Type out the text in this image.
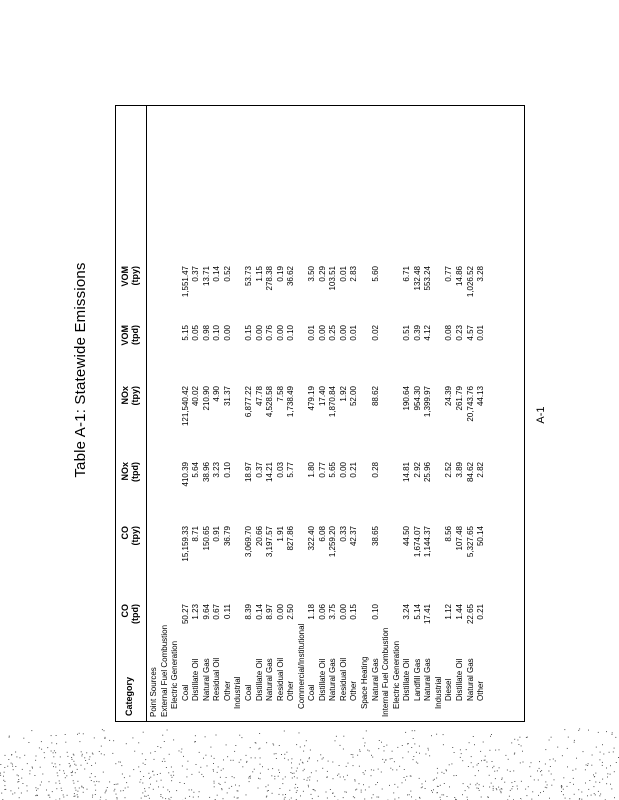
Table A-1: Statewide Emissions
Category
CO (tpd)
CO (tpy)
NOx (tpd)
NOx (tpy)
VOM (tpd)
VOM (tpy)
Point Sources External Fuel Combustion Electric Generation Coal
50.27
15,159.33
410.39
121,540.42
5.15
1,551.47
Distillate Oil
1.23
8.71
5.64
40.02
0.05
0.37
Natural Gas
9.64
150.65
38.96
210.90
0.98
13.71
Residual Oil
0.67
0.91
3.23
4.90
0.10
0.14
Other
0.11
36.79
0.10
31.37
0.00
0.52
Industrial Coal
8.39
3,069.70
18.97
6,877.22
0.15
53.73
Distillate Oil
0.14
20.66
0.37
47.78
0.00
1.15
Natural Gas
8.97
3,197.57
14.21
4,528.58
0.76
278.38
Residual Oil
0.00
1.91
0.03
7.58
0.00
0.19
Other
2.50
827.86
5.77
1,738.49
0.10
36.62
Commercial/Institutional Coal
1.18
322.40
1.80
479.19
0.01
3.50
Distillate Oil
0.06
6.08
0.77
17.40
0.00
0.29
Natural Gas
3.75
1,259.20
5.65
1,870.84
0.25
103.51
Residual Oil
0.00
0.33
0.00
1.92
0.00
0.01
Other
0.15
42.37
0.21
52.00
0.01
2.83
Space Heating Natural Gas
0.10
38.65
0.28
88.62
0.02
5.60
Internal Fuel Combustion Electric Generation Distillate Oil
3.24
44.50
14.81
190.64
0.51
6.71
Landfill Gas
5.14
1,674.07
2.92
954.30
0.39
132.48
Natural Gas
17.41
1,144.37
25.96
1,399.97
4.12
553.24
Industrial Diesel
1.12
8.56
2.52
24.39
0.08
0.77
Distillate Oil
1.44
107.48
3.89
261.79
0.23
14.86
Natural Gas
22.65
5,327.65
84.62
20,743.76
4.57
1,026.52
Other
0.21
50.14
2.82
44.13
0.01
3.28
A-1
